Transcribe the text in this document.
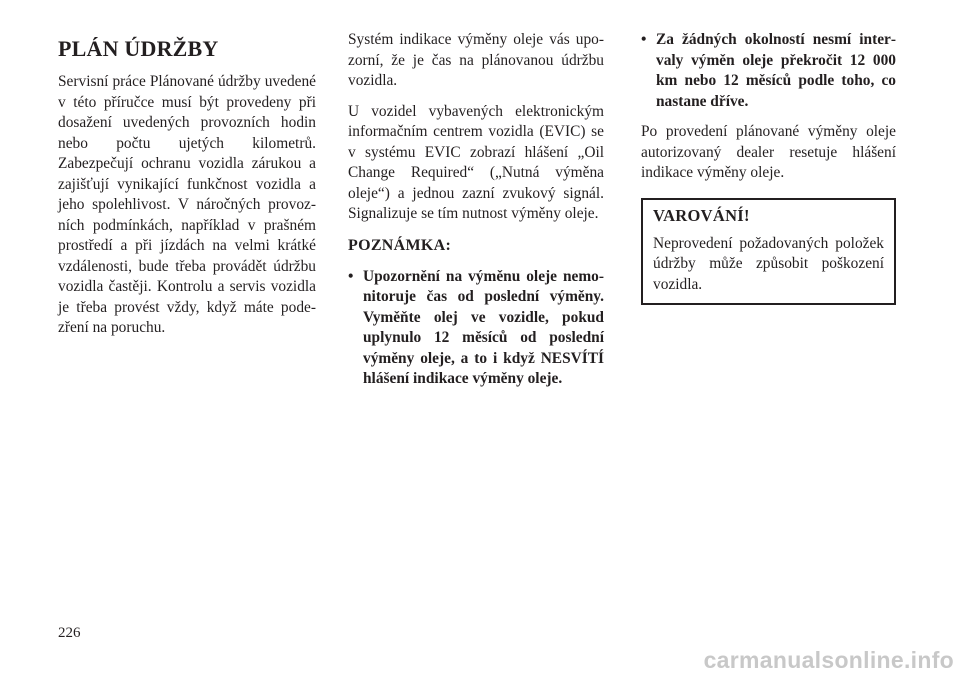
PLÁN ÚDRŽBY

Servisní práce Plánované údržby uvedené v této příručce musí být provedeny při dosažení uvedených provozních hodin nebo počtu ujetých kilometrů. Zabezpečují ochranu vozidla zárukou a zajišťují vynikající funkčnost vozidla a jeho spolehlivost. V náročných provozních podmínkách, například v prašném prostředí a při jízdách na velmi krátké vzdálenosti, bude třeba provádět údržbu vozidla častěji. Kontrolu a servis vozidla je třeba provést vždy, když máte podezření na poruchu.

Systém indikace výměny oleje vás upozorní, že je čas na plánovanou údržbu vozidla.

U vozidel vybavených elektronickým informačním centrem vozidla (EVIC) se v systému EVIC zobrazí hlášení „Oil Change Required“ („Nutná výměna oleje“) a jednou zazní zvukový signál. Signalizuje se tím nutnost výměny oleje.

POZNÁMKA:
• Upozornění na výměnu oleje nemonitoruje čas od poslední výměny. Vyměňte olej ve vozidle, pokud uplynulo 12 měsíců od poslední výměny oleje, a to i když NESVÍTÍ hlášení indikace výměny oleje.
• Za žádných okolností nesmí intervaly výměn oleje překročit 12 000 km nebo 12 měsíců podle toho, co nastane dříve.

Po provedení plánované výměny oleje autorizovaný dealer resetuje hlášení indikace výměny oleje.

VAROVÁNÍ!

Neprovedení požadovaných položek údržby může způsobit poškození vozidla.

226
carmanualsonline.info
